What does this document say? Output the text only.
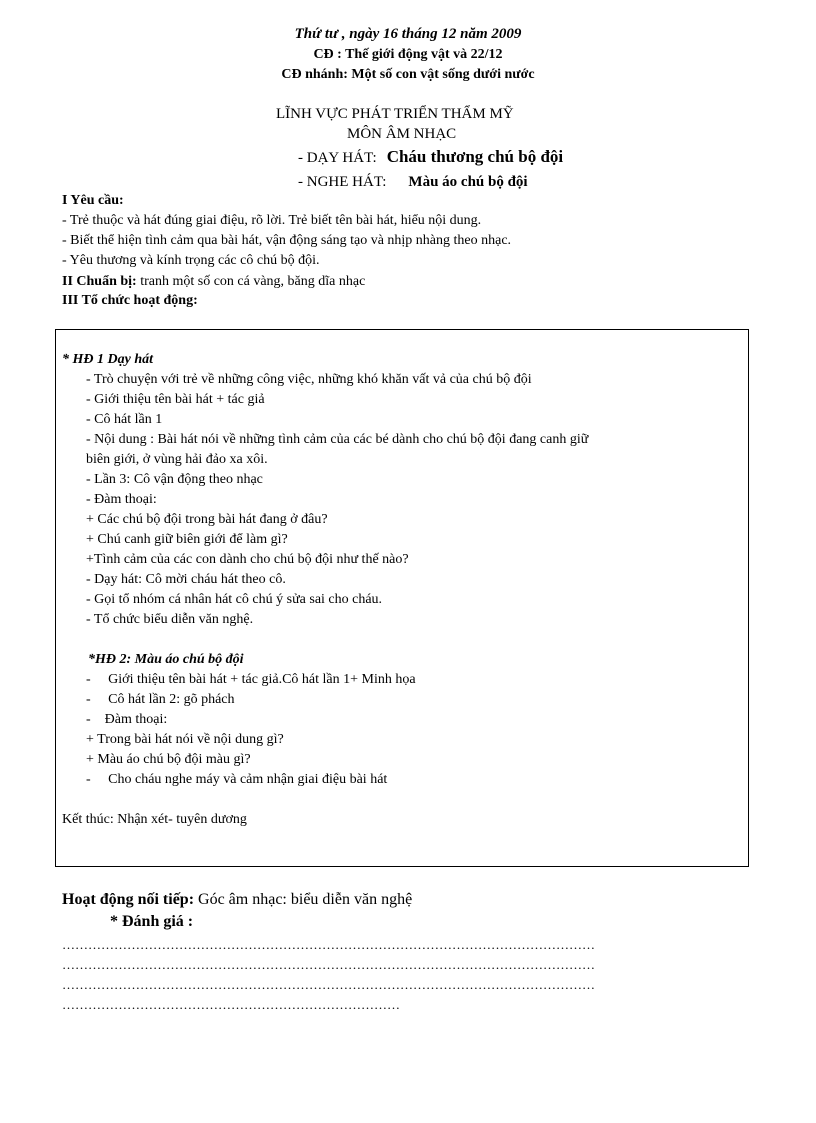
Thứ tư , ngày 16 tháng 12 năm 2009
CĐ : Thế giới động vật và 22/12
CĐ nhánh: Một số con vật sống dưới nước
LĨNH VỰC PHÁT TRIỂN THẨM MỸ
MÔN ÂM NHẠC
- DẠY HÁT: Cháu thương chú bộ đội
- NGHE HÁT: Màu áo chú bộ đội
I Yêu cầu:
- Trẻ thuộc và hát đúng giai điệu, rõ lời. Trẻ biết tên bài hát, hiểu nội dung.
- Biết thể hiện tình cảm qua bài hát, vận động sáng tạo và nhịp nhàng theo nhạc.
- Yêu thương và kính trọng các cô chú bộ đội.
II Chuẩn bị: tranh một số con cá vàng, băng dĩa nhạc
III Tổ chức hoạt động:
* HĐ 1 Dạy hát
- Trò chuyện với trẻ về những công việc, những khó khăn vất vả của chú bộ đội
- Giới thiệu tên bài hát + tác giả
- Cô hát lần 1
- Nội dung : Bài hát nói về những tình cảm của các bé dành cho chú bộ đội đang canh giữ
biên giới, ở vùng hải đảo xa xôi.
- Lần 3: Cô vận động theo nhạc
- Đàm thoại:
+ Các chú bộ đội trong bài hát đang ở đâu?
+ Chú canh giữ biên giới để làm gì?
+Tình cảm của các con dành cho chú bộ đội như thế nào?
- Dạy hát: Cô mời cháu hát theo cô.
- Gọi tổ nhóm cá nhân hát cô chú ý sửa sai cho cháu.
- Tổ chức biểu diễn văn nghệ.
*HĐ 2: Màu áo chú bộ đội
-     Giới thiệu tên bài hát + tác giả.Cô hát lần 1+ Minh họa
-     Cô hát lần 2: gõ phách
-    Đàm thoại:
+ Trong bài hát nói về nội dung gì?
+ Màu áo chú bộ đội màu gì?
-     Cho cháu nghe máy và cảm nhận giai điệu bài hát
Kết thúc: Nhận xét- tuyên dương
Hoạt động nối tiếp: Góc âm nhạc: biểu diễn văn nghệ
* Đánh giá :
……………………………………………………………………………………………………………
……………………………………………………………………………………………………………
……………………………………………………………………………………………………………
……………………………………………………………………
